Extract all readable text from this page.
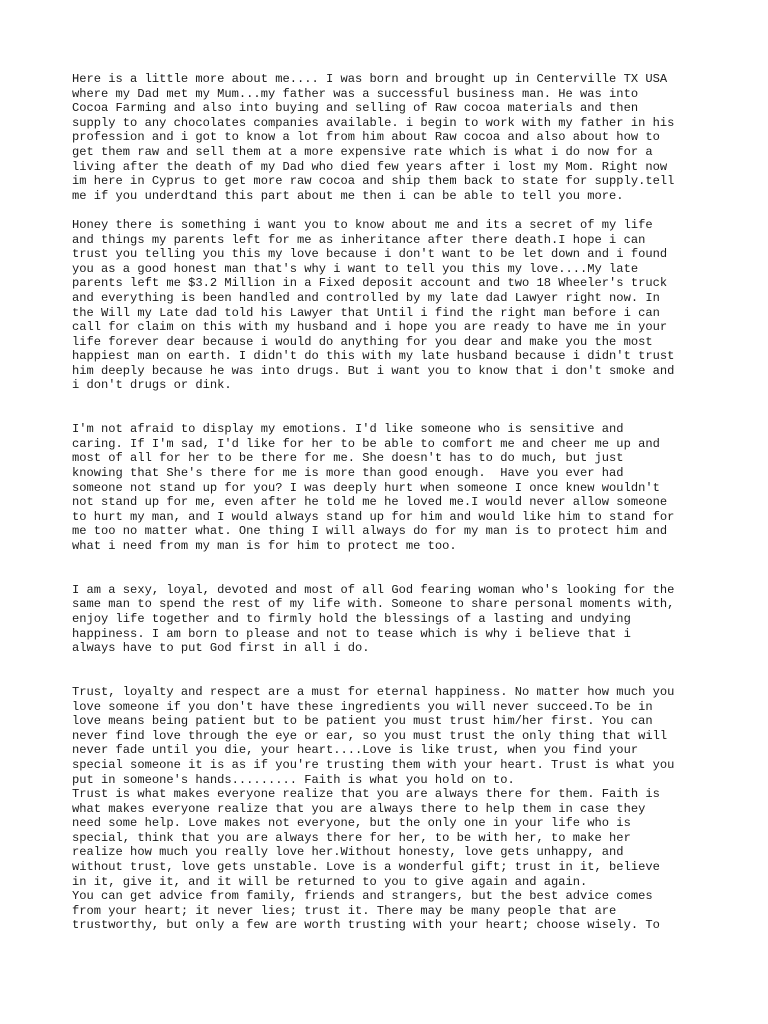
Here is a little more about me.... I was born and brought up in Centerville TX USA
where my Dad met my Mum...my father was a successful business man. He was into
Cocoa Farming and also into buying and selling of Raw cocoa materials and then
supply to any chocolates companies available. i begin to work with my father in his
profession and i got to know a lot from him about Raw cocoa and also about how to
get them raw and sell them at a more expensive rate which is what i do now for a
living after the death of my Dad who died few years after i lost my Mom. Right now
im here in Cyprus to get more raw cocoa and ship them back to state for supply.tell
me if you underdtand this part about me then i can be able to tell you more.
Honey there is something i want you to know about me and its a secret of my life
and things my parents left for me as inheritance after there death.I hope i can
trust you telling you this my love because i don't want to be let down and i found
you as a good honest man that's why i want to tell you this my love....My late
parents left me $3.2 Million in a Fixed deposit account and two 18 Wheeler's truck
and everything is been handled and controlled by my late dad Lawyer right now. In
the Will my Late dad told his Lawyer that Until i find the right man before i can
call for claim on this with my husband and i hope you are ready to have me in your
life forever dear because i would do anything for you dear and make you the most
happiest man on earth. I didn't do this with my late husband because i didn't trust
him deeply because he was into drugs. But i want you to know that i don't smoke and
i don't drugs or dink.
I'm not afraid to display my emotions. I'd like someone who is sensitive and
caring. If I'm sad, I'd like for her to be able to comfort me and cheer me up and
most of all for her to be there for me. She doesn't has to do much, but just
knowing that She's there for me is more than good enough.  Have you ever had
someone not stand up for you? I was deeply hurt when someone I once knew wouldn't
not stand up for me, even after he told me he loved me.I would never allow someone
to hurt my man, and I would always stand up for him and would like him to stand for
me too no matter what. One thing I will always do for my man is to protect him and
what i need from my man is for him to protect me too.
I am a sexy, loyal, devoted and most of all God fearing woman who's looking for the
same man to spend the rest of my life with. Someone to share personal moments with,
enjoy life together and to firmly hold the blessings of a lasting and undying
happiness. I am born to please and not to tease which is why i believe that i
always have to put God first in all i do.
Trust, loyalty and respect are a must for eternal happiness. No matter how much you
love someone if you don't have these ingredients you will never succeed.To be in
love means being patient but to be patient you must trust him/her first. You can
never find love through the eye or ear, so you must trust the only thing that will
never fade until you die, your heart....Love is like trust, when you find your
special someone it is as if you're trusting them with your heart. Trust is what you
put in someone's hands......... Faith is what you hold on to.
Trust is what makes everyone realize that you are always there for them. Faith is
what makes everyone realize that you are always there to help them in case they
need some help. Love makes not everyone, but the only one in your life who is
special, think that you are always there for her, to be with her, to make her
realize how much you really love her.Without honesty, love gets unhappy, and
without trust, love gets unstable. Love is a wonderful gift; trust in it, believe
in it, give it, and it will be returned to you to give again and again.
You can get advice from family, friends and strangers, but the best advice comes
from your heart; it never lies; trust it. There may be many people that are
trustworthy, but only a few are worth trusting with your heart; choose wisely. To
